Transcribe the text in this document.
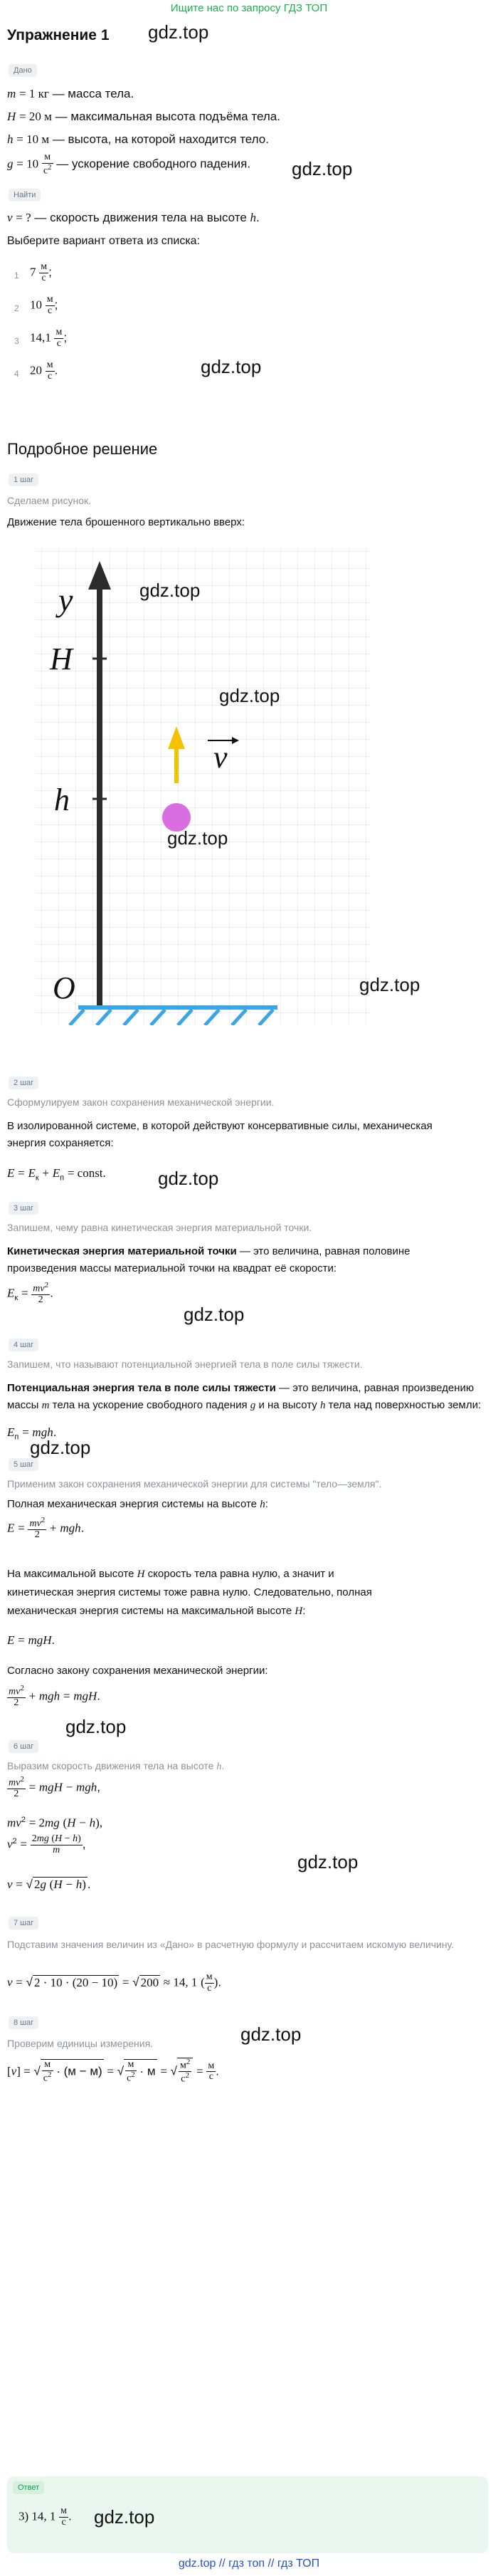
Ищите нас по запросу ГДЗ ТОП
Упражнение 1
Дано
m = 1 кг — масса тела.
H = 20 м — максимальная высота подъёма тела.
h = 10 м — высота, на которой находится тело.
$g = 10 \frac{м}{с^2}$ — ускорение свободного падения.
Найти
v = ? — скорость движения тела на высоте h.
Выберите вариант ответа из списка:
1 $7 \frac{м}{с}$ ;
2 $10 \frac{м}{с}$ ;
3 $14,1 \frac{м}{с}$ ;
4 $20 \frac{м}{с}$ .
Подробное решение
1 шаг
Сделаем рисунок.
Движение тела брошенного вертикально вверх:
y
H
h
O
v
2 шаг
Сформулируем закон сохранения механической энергии.
В изолированной системе, в которой действуют консервативные силы, механическая энергия сохраняется:
$E = E_к + E_п$ = const.
3 шаг
Запишем, чему равна кинетическая энергия материальной точки.
Кинетическая энергия материальной точки — это величина, равная половине произведения массы материальной точки на квадрат её скорости:
$E_к = \frac{mv^2}{2}$ .
4 шаг
Запишем, что называют потенциальной энергией тела в поле силы тяжести.
Потенциальная энергия тела в поле силы тяжести — это величина, равная произведению массы m тела на ускорение свободного падения g и на высоту h тела над поверхностью земли:
$E_п$ = mgh.
5 шаг
Применим закон сохранения механической энергии для системы "тело—земля".
Полная механическая энергия системы на высоте h:
$E = \frac{mv^2}{2}$ + mgh.
На максимальной высоте H скорость тела равна нулю, а значит и
кинетическая энергия системы тоже равна нулю. Следовательно, полная
механическая энергия системы на максимальной высоте H:
E = mgH.
Согласно закону сохранения механической энергии:
$\frac{mv^2}{2}$ + mgh = mgH.
6 шаг
Выразим скорость движения тела на высоте h.
$\frac{mv^2}{2}$ = mgH − mgh,
$mv^2 = 2mg$ (H − h),
$v^2 = \frac{2mg (H - h)}{m}$ ,
v = √ 2g (H − h) .
7 шаг
Подставим значения величин из «Дано» в расчетную формулу и рассчитаем искомую величину.
v = √ 2 · 10 · (20 − 10) = √ 200 ≈ 14, 1 ( $\frac{м}{с}$ ).
8 шаг
Проверим единицы измерения.
[v] = √ $\frac{м}{с^2} \cdot (м - м)$ = √ $\frac{м}{с^2} \cdot м$ = √ $\frac{м^2}{с^2} = \frac{м}{с}$ .
Ответ
3) 14, $1 \frac{м}{с}$ .
gdz.top
gdz.top
gdz.top
gdz.top
gdz.top
gdz.top
gdz.top
gdz.top
gdz.top
gdz.top
gdz.top
gdz.top
gdz.top
gdz.top
gdz.top // гдз топ // гдз ТОП
